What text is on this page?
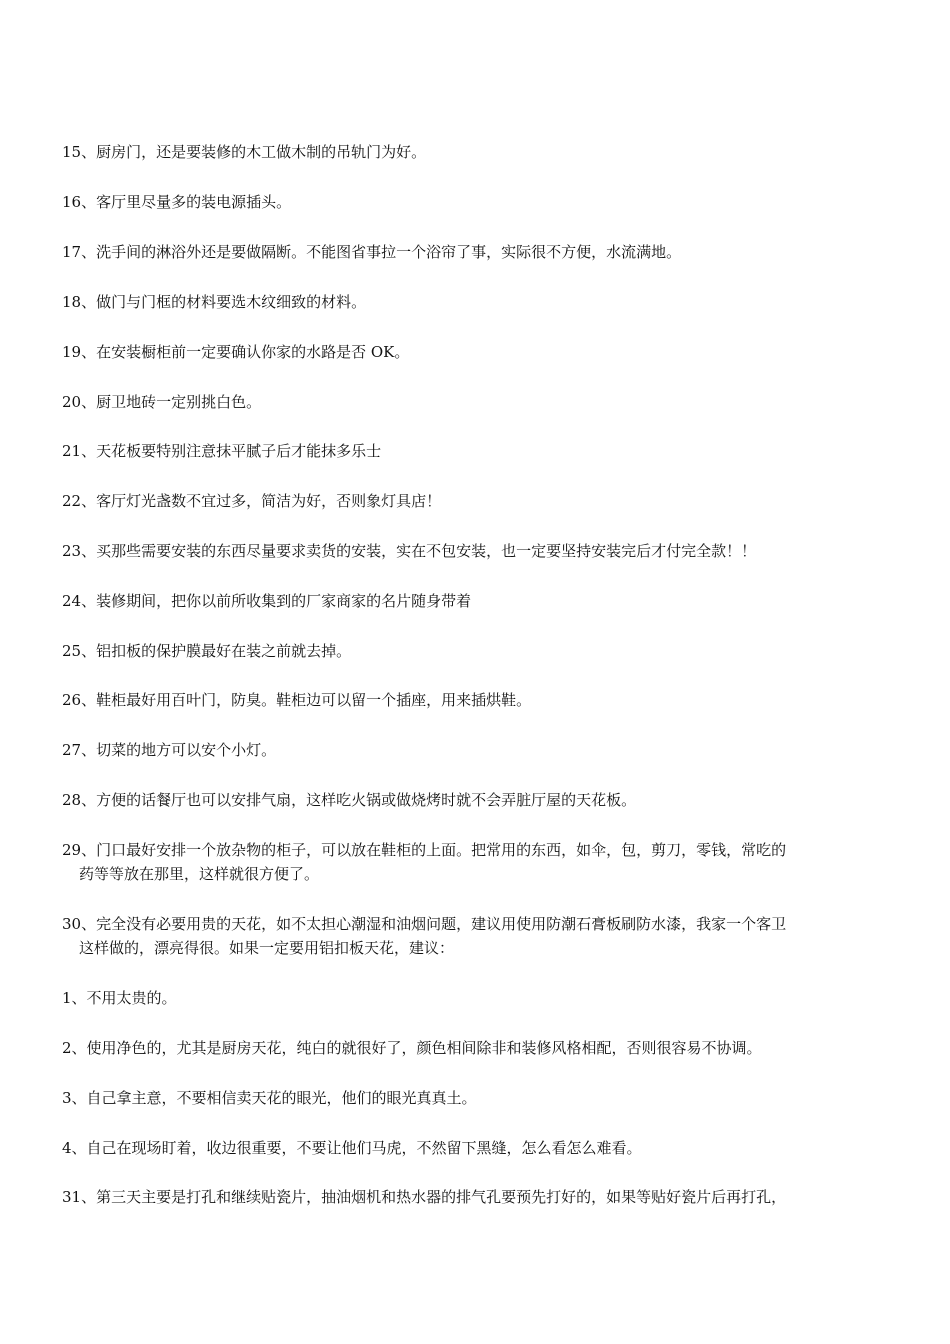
15、厨房门，还是要装修的木工做木制的吊轨门为好。
16、客厅里尽量多的装电源插头。
17、洗手间的淋浴外还是要做隔断。不能图省事拉一个浴帘了事，实际很不方便，水流满地。
18、做门与门框的材料要选木纹细致的材料。
19、在安装橱柜前一定要确认你家的水路是否 OK。
20、厨卫地砖一定别挑白色。
21、天花板要特别注意抹平腻子后才能抹多乐士
22、客厅灯光盏数不宜过多，简洁为好，否则象灯具店！
23、买那些需要安装的东西尽量要求卖货的安装，实在不包安装，也一定要坚持安装完后才付完全款！！
24、装修期间，把你以前所收集到的厂家商家的名片随身带着
25、铝扣板的保护膜最好在装之前就去掉。
26、鞋柜最好用百叶门，防臭。鞋柜边可以留一个插座，用来插烘鞋。
27、切菜的地方可以安个小灯。
28、方便的话餐厅也可以安排气扇，这样吃火锅或做烧烤时就不会弄脏厅屋的天花板。
29、门口最好安排一个放杂物的柜子，可以放在鞋柜的上面。把常用的东西，如伞，包，剪刀，零钱，常吃的
药等等放在那里，这样就很方便了。
30、完全没有必要用贵的天花，如不太担心潮湿和油烟问题，建议用使用防潮石膏板刷防水漆，我家一个客卫
这样做的，漂亮得很。如果一定要用铝扣板天花，建议：
1、不用太贵的。
2、使用净色的，尤其是厨房天花，纯白的就很好了，颜色相间除非和装修风格相配，否则很容易不协调。
3、自己拿主意，不要相信卖天花的眼光，他们的眼光真真土。
4、自己在现场盯着，收边很重要，不要让他们马虎，不然留下黑缝，怎么看怎么难看。
31、第三天主要是打孔和继续贴瓷片，抽油烟机和热水器的排气孔要预先打好的，如果等贴好瓷片后再打孔，
